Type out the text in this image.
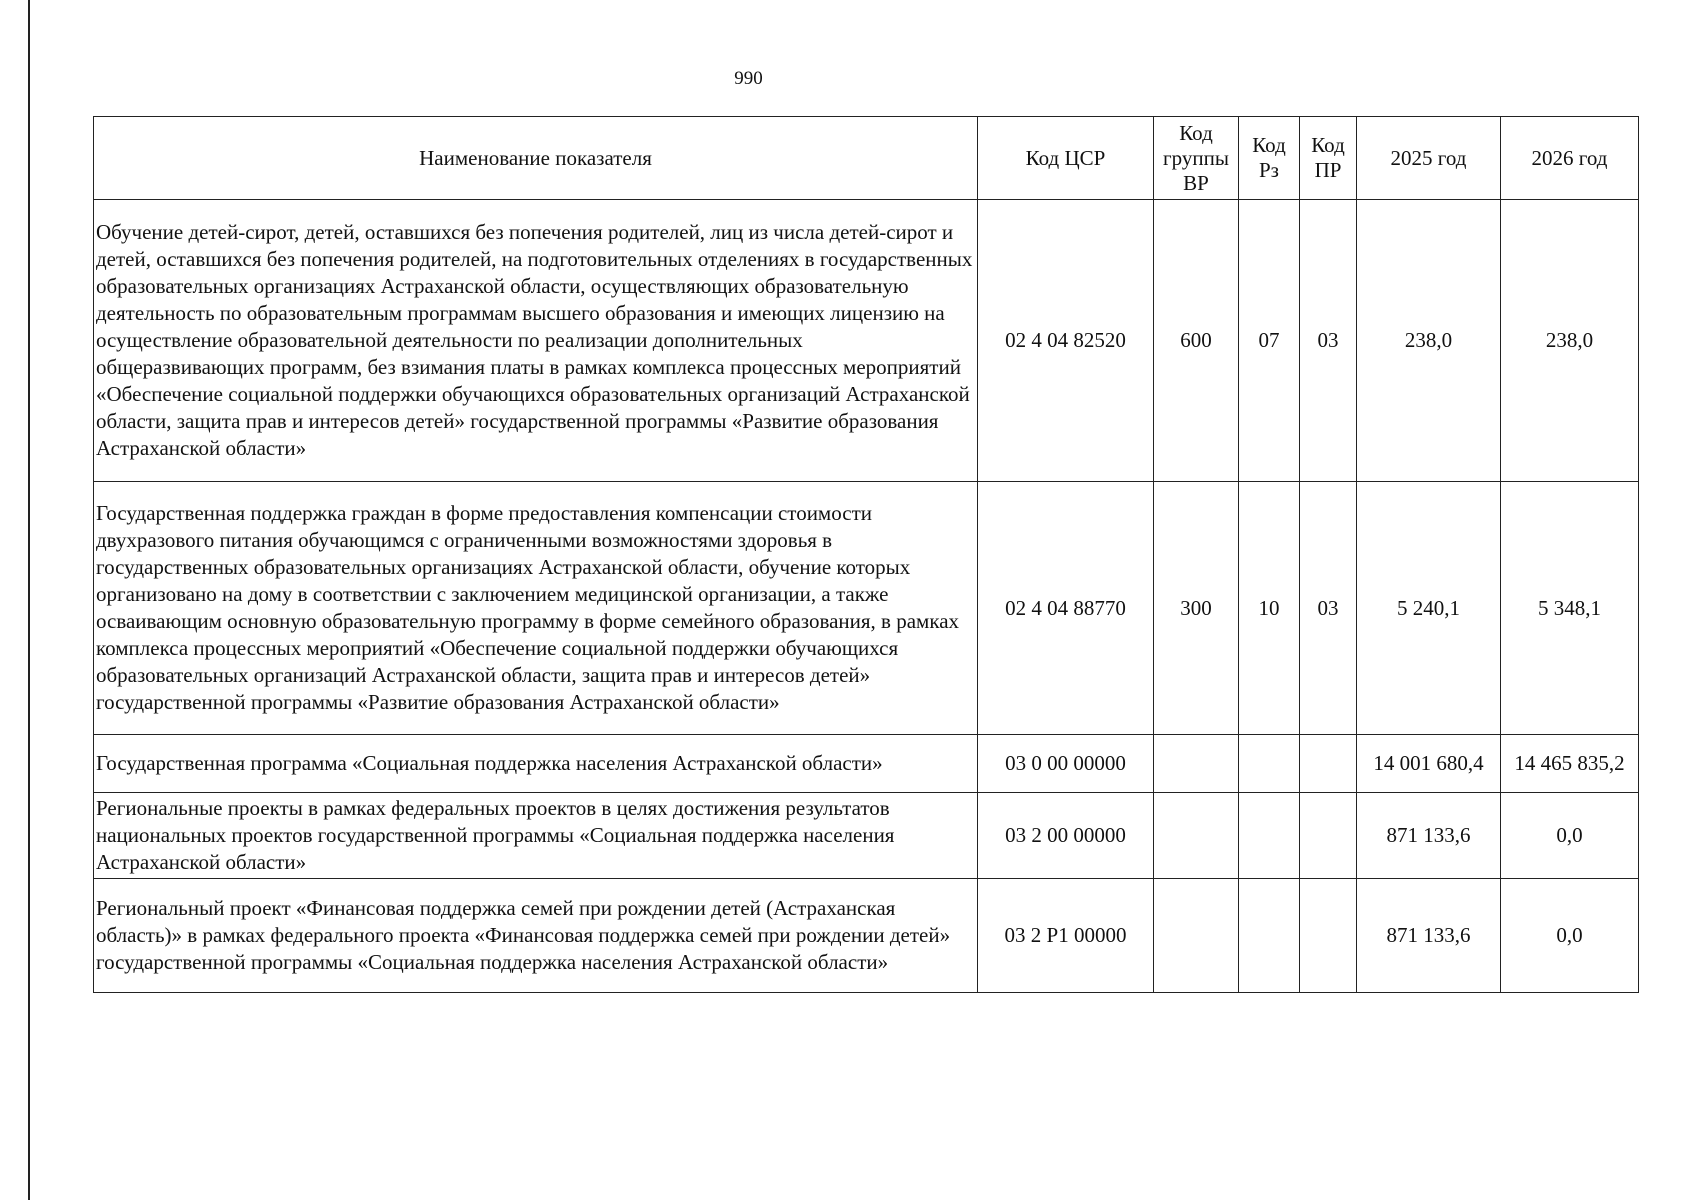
990
Наименование показателя	Код ЦСР	Код группы ВР	Код Рз	Код ПР	2025 год	2026 год
Обучение детей-сирот, детей, оставшихся без попечения родителей, лиц из числа детей-сирот и детей, оставшихся без попечения родителей, на подготовительных отделениях в государственных образовательных организациях Астраханской области, осуществляющих образовательную деятельность по образовательным программам высшего образования и имеющих лицензию на осуществление образовательной деятельности по реализации дополнительных общеразвивающих программ, без взимания платы в рамках комплекса процессных мероприятий «Обеспечение социальной поддержки обучающихся образовательных организаций Астраханской области, защита прав и интересов детей» государственной программы «Развитие образования Астраханской области»	02 4 04 82520	600	07	03	238,0	238,0
Государственная поддержка граждан в форме предоставления компенсации стоимости двухразового питания обучающимся с ограниченными возможностями здоровья в государственных образовательных организациях Астраханской области, обучение которых организовано на дому в соответствии с заключением медицинской организации, а также осваивающим основную образовательную программу в форме семейного образования, в рамках комплекса процессных мероприятий «Обеспечение социальной поддержки обучающихся образовательных организаций Астраханской области, защита прав и интересов детей» государственной программы «Развитие образования Астраханской области»	02 4 04 88770	300	10	03	5 240,1	5 348,1
Государственная программа «Социальная поддержка населения Астраханской области»	03 0 00 00000				14 001 680,4	14 465 835,2
Региональные проекты в рамках федеральных проектов в целях достижения результатов национальных проектов государственной программы «Социальная поддержка населения Астраханской области»	03 2 00 00000				871 133,6	0,0
Региональный проект «Финансовая поддержка семей при рождении детей (Астраханская область)» в рамках федерального проекта «Финансовая поддержка семей при рождении детей» государственной программы «Социальная поддержка населения Астраханской области»	03 2 Р1 00000				871 133,6	0,0
